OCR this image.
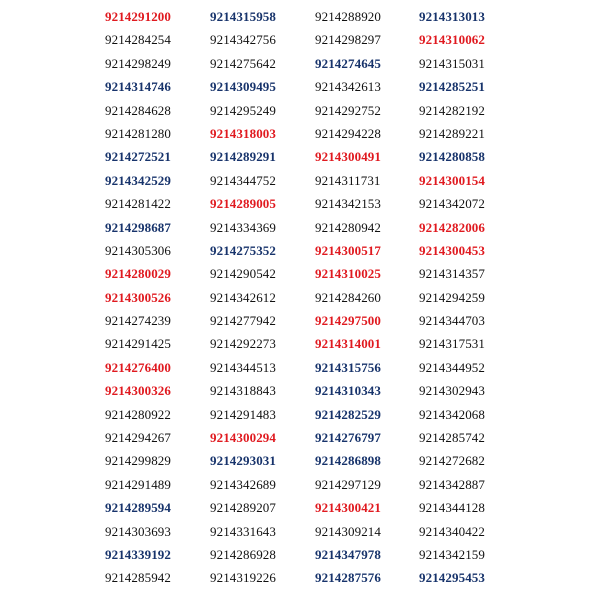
9214291200
9214284254
9214298249
9214314746
9214284628
9214281280
9214272521
9214342529
9214281422
9214298687
9214305306
9214280029
9214300526
9214274239
9214291425
9214276400
9214300326
9214280922
9214294267
9214299829
9214291489
9214289594
9214303693
9214339192
9214285942
9214315958
9214342756
9214275642
9214309495
9214295249
9214318003
9214289291
9214344752
9214289005
9214334369
9214275352
9214290542
9214342612
9214277942
9214292273
9214344513
9214318843
9214291483
9214300294
9214293031
9214342689
9214289207
9214331643
9214286928
9214319226
9214288920
9214298297
9214274645
9214342613
9214292752
9214294228
9214300491
9214311731
9214342153
9214280942
9214300517
9214310025
9214284260
9214297500
9214314001
9214315756
9214310343
9214282529
9214276797
9214286898
9214297129
9214300421
9214309214
9214347978
9214287576
9214313013
9214310062
9214315031
9214285251
9214282192
9214289221
9214280858
9214300154
9214342072
9214282006
9214300453
9214314357
9214294259
9214344703
9214317531
9214344952
9214302943
9214342068
9214285742
9214272682
9214342887
9214344128
9214340422
9214342159
9214295453
